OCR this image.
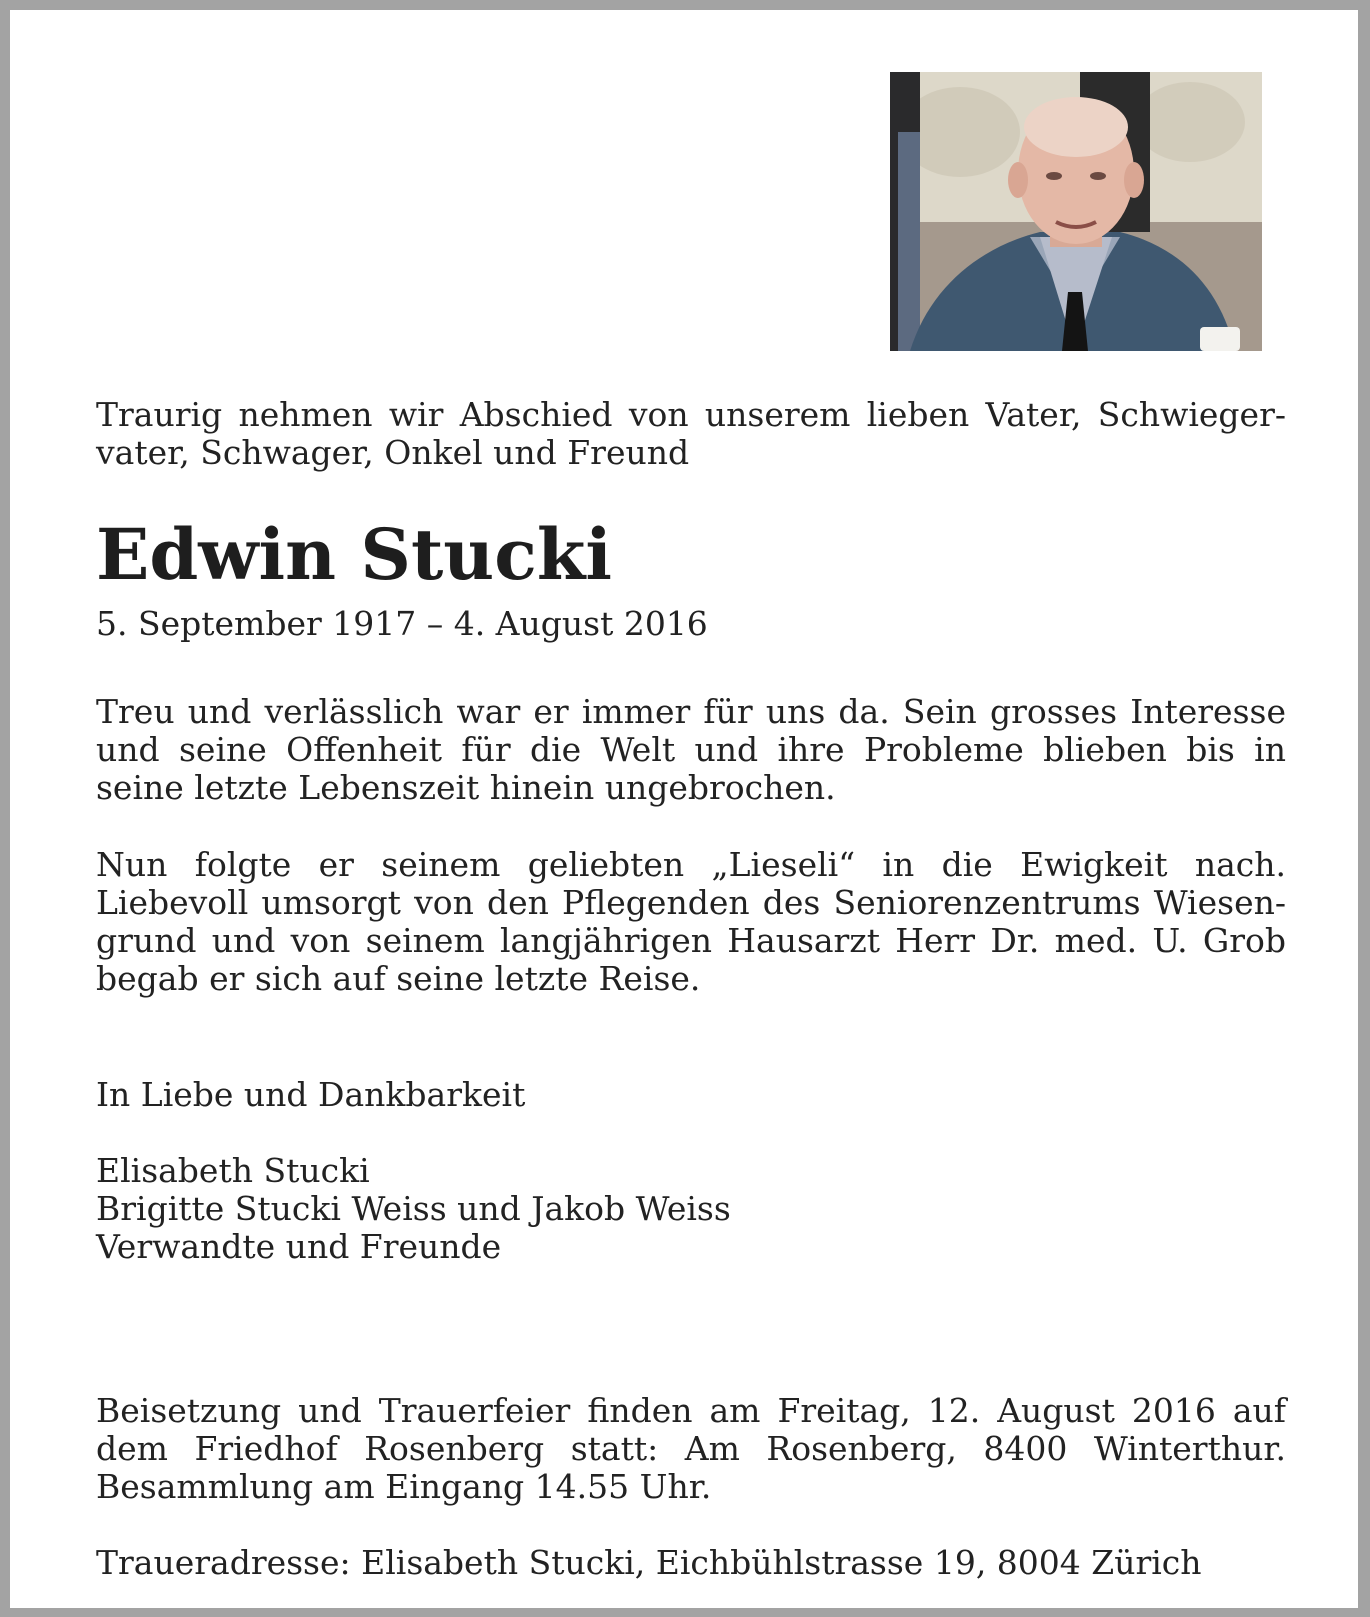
Traurig nehmen wir Abschied von unserem lieben Vater, Schwieger- vater, Schwager, Onkel und Freund

Edwin Stucki

5. September 1917 – 4. August 2016

Treu und verlässlich war er immer für uns da. Sein grosses Interesse und seine Offenheit für die Welt und ihre Probleme blieben bis in seine letzte Lebenszeit hinein ungebrochen.

Nun folgte er seinem geliebten „Lieseli“ in die Ewigkeit nach. Liebevoll umsorgt von den Pflegenden des Seniorenzentrums Wiesen- grund und von seinem langjährigen Hausarzt Herr Dr. med. U. Grob begab er sich auf seine letzte Reise.

In Liebe und Dankbarkeit

Elisabeth Stucki

Brigitte Stucki Weiss und Jakob Weiss

Verwandte und Freunde

Beisetzung und Trauerfeier finden am Freitag, 12. August 2016 auf dem Friedhof Rosenberg statt: Am Rosenberg, 8400 Winterthur. Besammlung am Eingang 14.55 Uhr.

Traueradresse: Elisabeth Stucki, Eichbühlstrasse 19, 8004 Zürich
